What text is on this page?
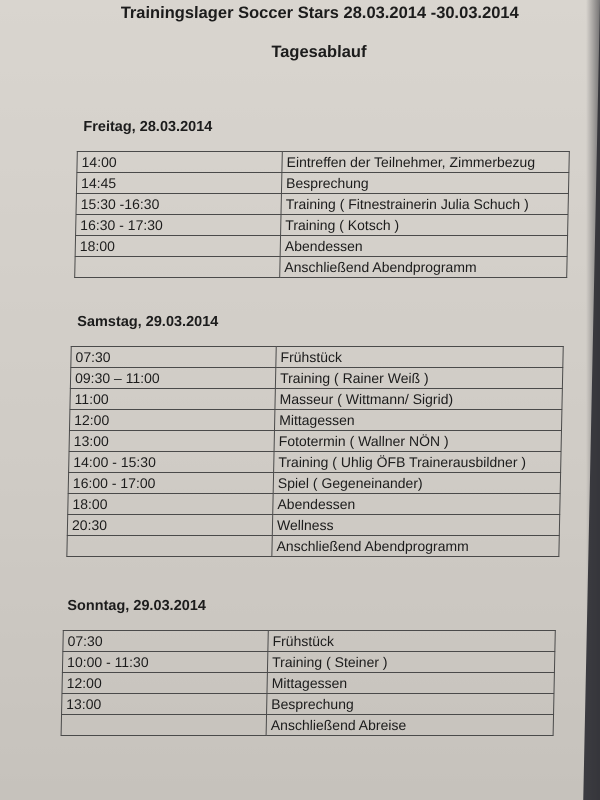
Trainingslager Soccer Stars 28.03.2014 -30.03.2014
Tagesablauf
Freitag, 28.03.2014
14:00	Eintreffen der Teilnehmer, Zimmerbezug
14:45	Besprechung
15:30 -16:30	Training ( Fitnestrainerin Julia Schuch )
16:30 - 17:30	Training ( Kotsch )
18:00	Abendessen
	Anschließend Abendprogramm
Samstag, 29.03.2014
07:30	Frühstück
09:30 – 11:00	Training ( Rainer Weiß )
11:00	Masseur ( Wittmann/ Sigrid)
12:00	Mittagessen
13:00	Fototermin ( Wallner NÖN )
14:00 - 15:30	Training ( Uhlig ÖFB Trainerausbildner )
16:00 - 17:00	Spiel ( Gegeneinander)
18:00	Abendessen
20:30	Wellness
	Anschließend Abendprogramm
Sonntag, 29.03.2014
07:30	Frühstück
10:00 - 11:30	Training ( Steiner )
12:00	Mittagessen
13:00	Besprechung
	Anschließend Abreise
